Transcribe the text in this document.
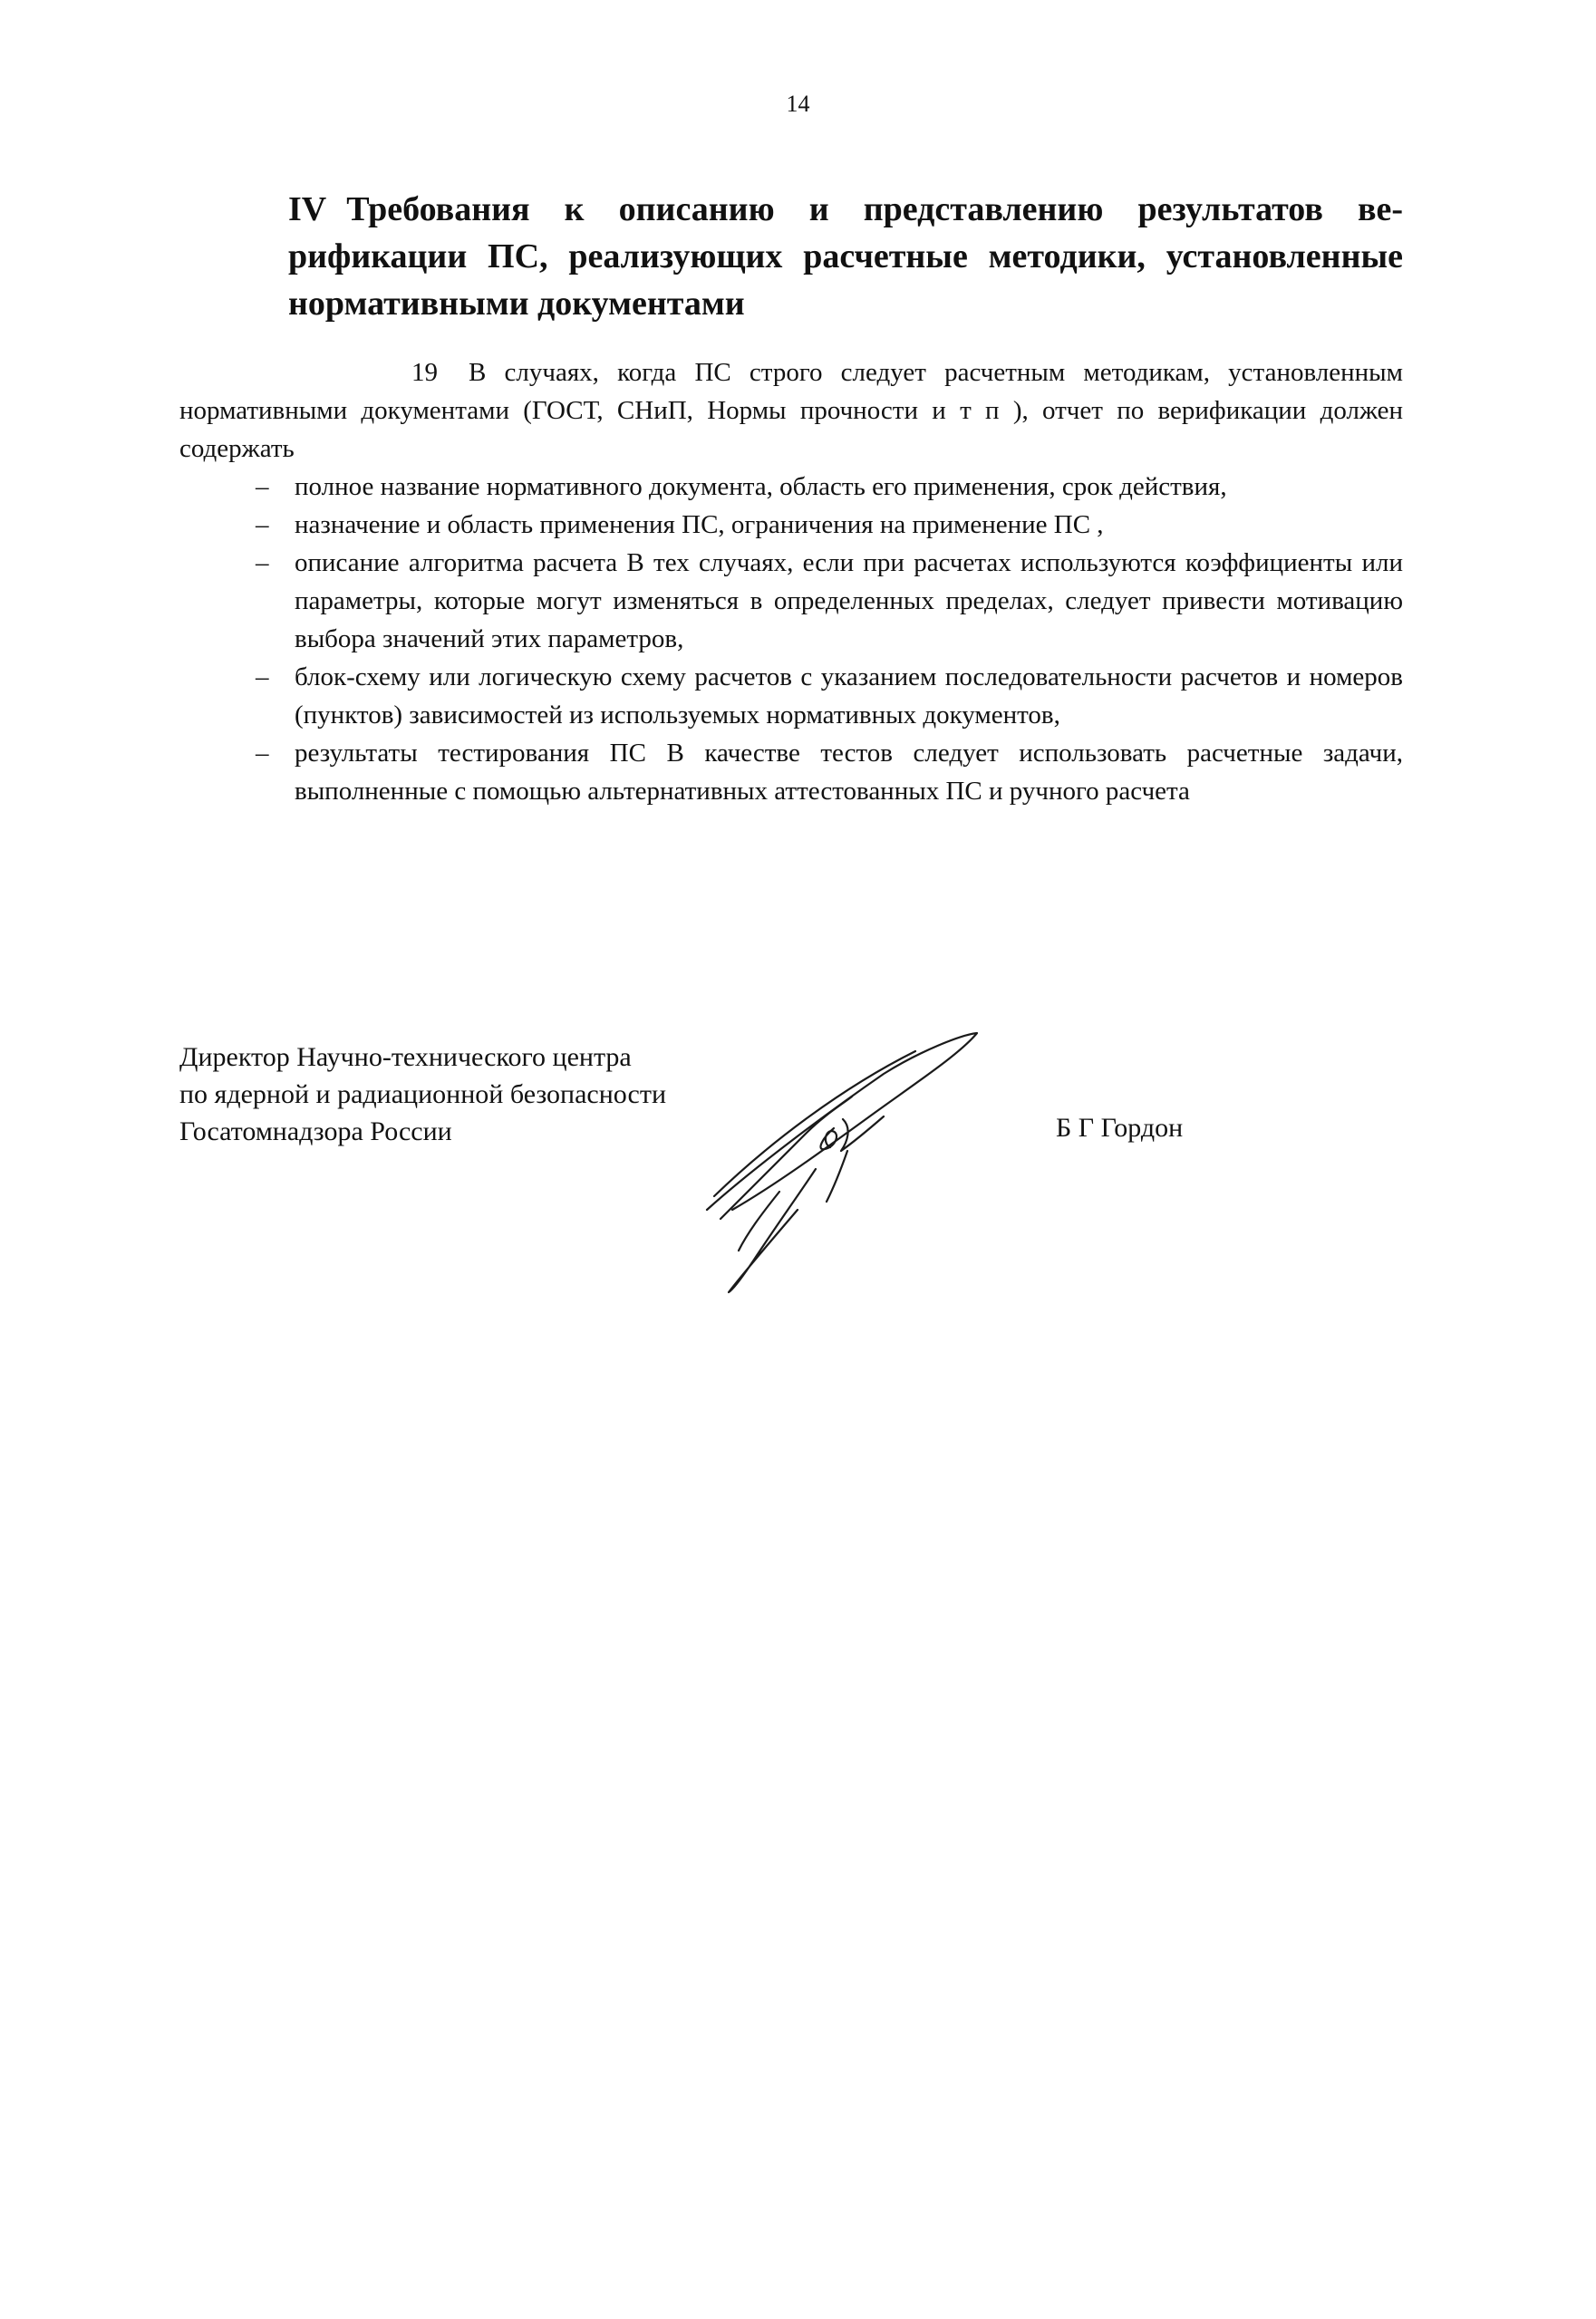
14
IV Требования к описанию и представлению результатов ве-
рификации ПС, реализующих расчетные методики, установленные
нормативными документами

19 В случаях, когда ПС строго следует расчетным методикам, установленным нормативными документами (ГОСТ, СНиП, Нормы прочности и т п ), отчет по верификации должен содержать

– полное название нормативного документа, область его применения, срок действия,
– назначение и область применения ПС, ограничения на применение ПС ,
– описание алгоритма расчета В тех случаях, если при расчетах используются коэффициенты или параметры, которые могут изменяться в определенных пределах, следует привести мотивацию выбора значений этих параметров,
– блок-схему или логическую схему расчетов с указанием последовательности расчетов и номеров (пунктов) зависимостей из используемых нормативных документов,
– результаты тестирования ПС В качестве тестов следует использовать расчетные задачи, выполненные с помощью альтернативных аттестованных ПС и ручного расчета
Директор Научно-технического центра
по ядерной и радиационной безопасности
Госатомнадзора России	Б Г Гордон
